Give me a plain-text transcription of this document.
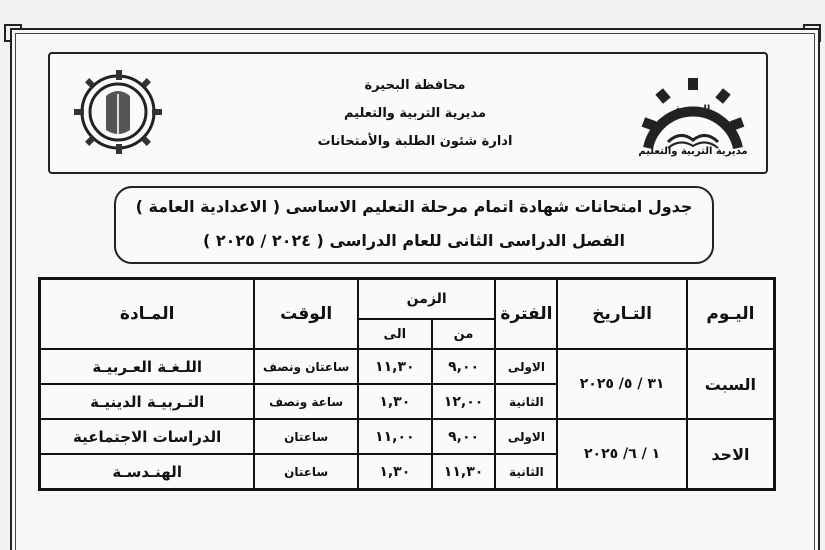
محافظة البحيرة
مديرية التربية والتعليم
ادارة شئون الطلبة والأمتحانات
البحيرة
مديرية التربية والتعليم
جدول امتحانات شهادة اتمام مرحلة التعليم الاساسى ( الاعدادية العامة )
الفصل الدراسى الثانى للعام الدراسى ( ٢٠٢٤ / ٢٠٢٥ )
اليـوم	التـاريخ	الفترة	الزمن		الوقت	المـادة
			من	الى		
السبت	٣١ / ٥/ ٢٠٢٥	الاولى	٩,٠٠	١١,٣٠	ساعتان ونصف	اللـغـة العـربيـة
		الثانية	١٢,٠٠	١,٣٠	ساعة ونصف	التـربيـة الدينيـة
الاحد	١ / ٦/ ٢٠٢٥	الاولى	٩,٠٠	١١,٠٠	ساعتان	الدراسات الاجتماعية
		الثانية	١١,٣٠	١,٣٠	ساعتان	الهنـدسـة
